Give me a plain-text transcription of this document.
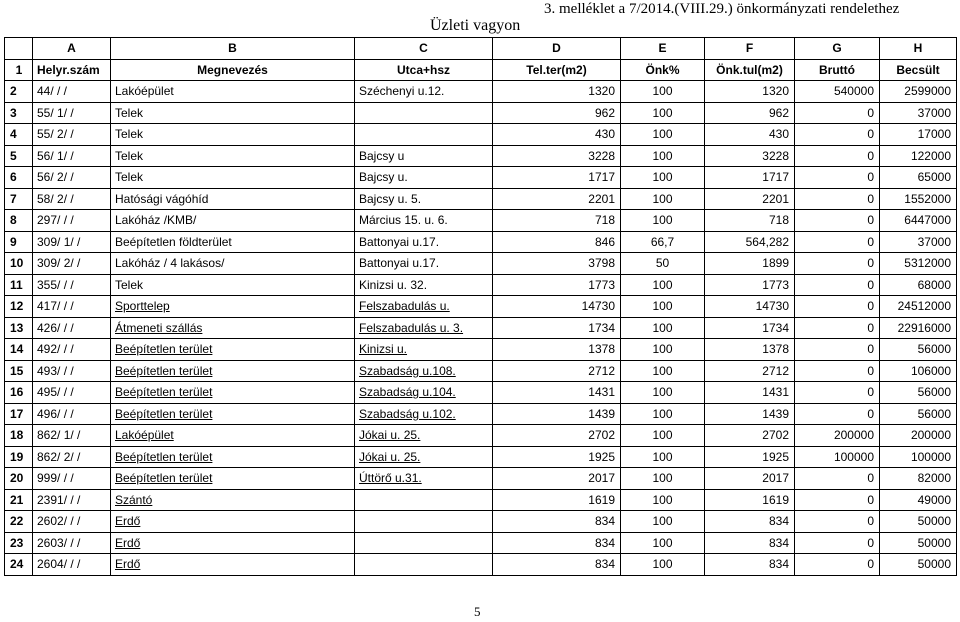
3. melléklet a 7/2014.(VIII.29.) önkormányzati rendelethez
Üzleti vagyon
	A	B	C	D	E	F	G	H
1	Helyr.szám	Megnevezés	Utca+hsz	Tel.ter(m2)	Önk%	Önk.tul(m2)	Bruttó	Becsült
2	44/ / /	Lakóépület	Széchenyi u.12.	1320	100	1320	540000	2599000
3	55/ 1/ /	Telek		962	100	962	0	37000
4	55/ 2/ /	Telek		430	100	430	0	17000
5	56/ 1/ /	Telek	Bajcsy u	3228	100	3228	0	122000
6	56/ 2/ /	Telek	Bajcsy u.	1717	100	1717	0	65000
7	58/ 2/ /	Hatósági vágóhíd	Bajcsy u. 5.	2201	100	2201	0	1552000
8	297/ / /	Lakóház /KMB/	Március 15. u. 6.	718	100	718	0	6447000
9	309/ 1/ /	Beépítetlen földterület	Battonyai u.17.	846	66,7	564,282	0	37000
10	309/ 2/ /	Lakóház / 4 lakásos/	Battonyai u.17.	3798	50	1899	0	5312000
11	355/ / /	Telek	Kinizsi u. 32.	1773	100	1773	0	68000
12	417/ / /	Sporttelep	Felszabadulás u.	14730	100	14730	0	24512000
13	426/ / /	Átmeneti szállás	Felszabadulás u. 3.	1734	100	1734	0	22916000
14	492/ / /	Beépítetlen terület	Kinizsi u.	1378	100	1378	0	56000
15	493/ / /	Beépítetlen terület	Szabadság u.108.	2712	100	2712	0	106000
16	495/ / /	Beépítetlen terület	Szabadság u.104.	1431	100	1431	0	56000
17	496/ / /	Beépítetlen terület	Szabadság u.102.	1439	100	1439	0	56000
18	862/ 1/ /	Lakóépület	Jókai u. 25.	2702	100	2702	200000	200000
19	862/ 2/ /	Beépítetlen terület	Jókai u. 25.	1925	100	1925	100000	100000
20	999/ / /	Beépítetlen terület	Úttörő u.31.	2017	100	2017	0	82000
21	2391/ / /	Szántó		1619	100	1619	0	49000
22	2602/ / /	Erdő		834	100	834	0	50000
23	2603/ / /	Erdő		834	100	834	0	50000
24	2604/ / /	Erdő		834	100	834	0	50000
5
